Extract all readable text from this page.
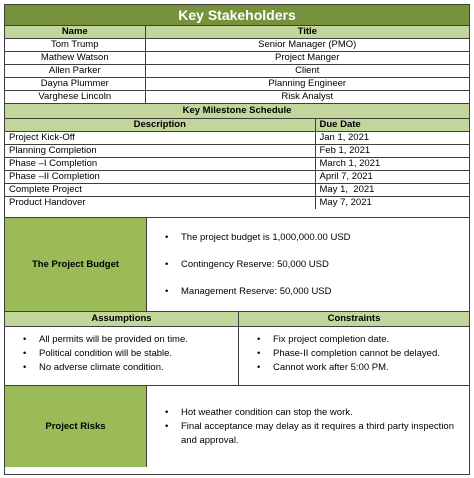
Key Stakeholders
Name	Title
Tom Trump	Senior Manager (PMO)
Mathew Watson	Project Manger
Allen Parker	Client
Dayna Plummer	Planning Engineer
Varghese Lincoln	Risk Analyst
Key Milestone Schedule
Description	Due Date
Project Kick-Off	Jan 1, 2021
Planning Completion	Feb 1, 2021
Phase –I Completion	March 1, 2021
Phase –II Completion	April 7, 2021
Complete Project	May 1,  2021
Product Handover	May 7, 2021
The Project Budget
• The project budget is 1,000,000.00 USD
• Contingency Reserve: 50,000 USD
• Management Reserve: 50,000 USD
Assumptions
• All permits will be provided on time.
• Political condition will be stable.
• No adverse climate condition.
Constraints
• Fix project completion date.
• Phase-II completion cannot be delayed.
• Cannot work after 5:00 PM.
Project Risks
• Hot weather condition can stop the work.
• Final acceptance may delay as it requires a third party inspection and approval.
